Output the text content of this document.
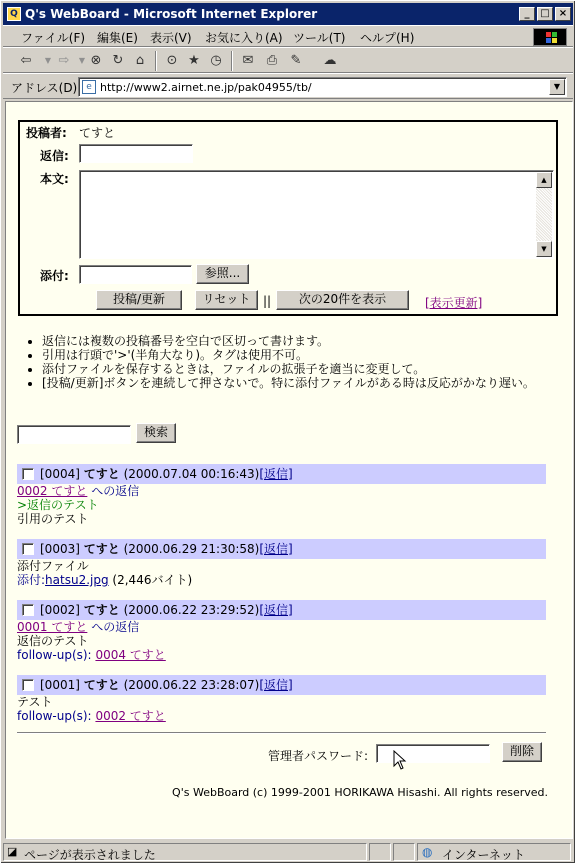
Q Q's WebBoard - Microsoft Internet Explorer	_	□ ×
ファイル(F) 編集(E) 表示(V) お気に入り(A) ツール(T) ヘルプ(H)
⇦	▼ ⇨	▼ ⊗ ↻ ⌂	⊙ ★ ◷ ✉ ⎙ ✎ ☁
アドレス(D) e http://www2.airnet.ne.jp/pak04955/tb/	▼
投稿者: てすと
返信:
本文:	▲
▼
添付:	参照...
投稿/更新	リセット	||	次の20件を表示	[表示更新]
• 返信には複数の投稿番号を空白で区切って書けます。
• 引用は行頭で'>'(半角大なり)。タグは使用不可。
• 添付ファイルを保存するときは，ファイルの拡張子を適当に変更して。
• [投稿/更新]ボタンを連続して押さないで。特に添付ファイルがある時は反応がかなり遅い。
検索
[0004] てすと (2000.07.04 00:16:43)[返信]
0002 てすと への返信
>返信のテスト
引用のテスト
[0003] てすと (2000.06.29 21:30:58)[返信]
添付ファイル
添付:hatsu2.jpg (2,446バイト)
[0002] てすと (2000.06.22 23:29:52)[返信]
0001 てすと への返信
返信のテスト
follow-up(s): 0004 てすと
[0001] てすと (2000.06.22 23:28:07)[返信]
テスト
follow-up(s): 0002 てすと
管理者パスワード:	削除
Q's WebBoard (c) 1999-2001 HORIKAWA Hisashi. All rights reserved.
◪ ページが表示されました	◍ インターネット
